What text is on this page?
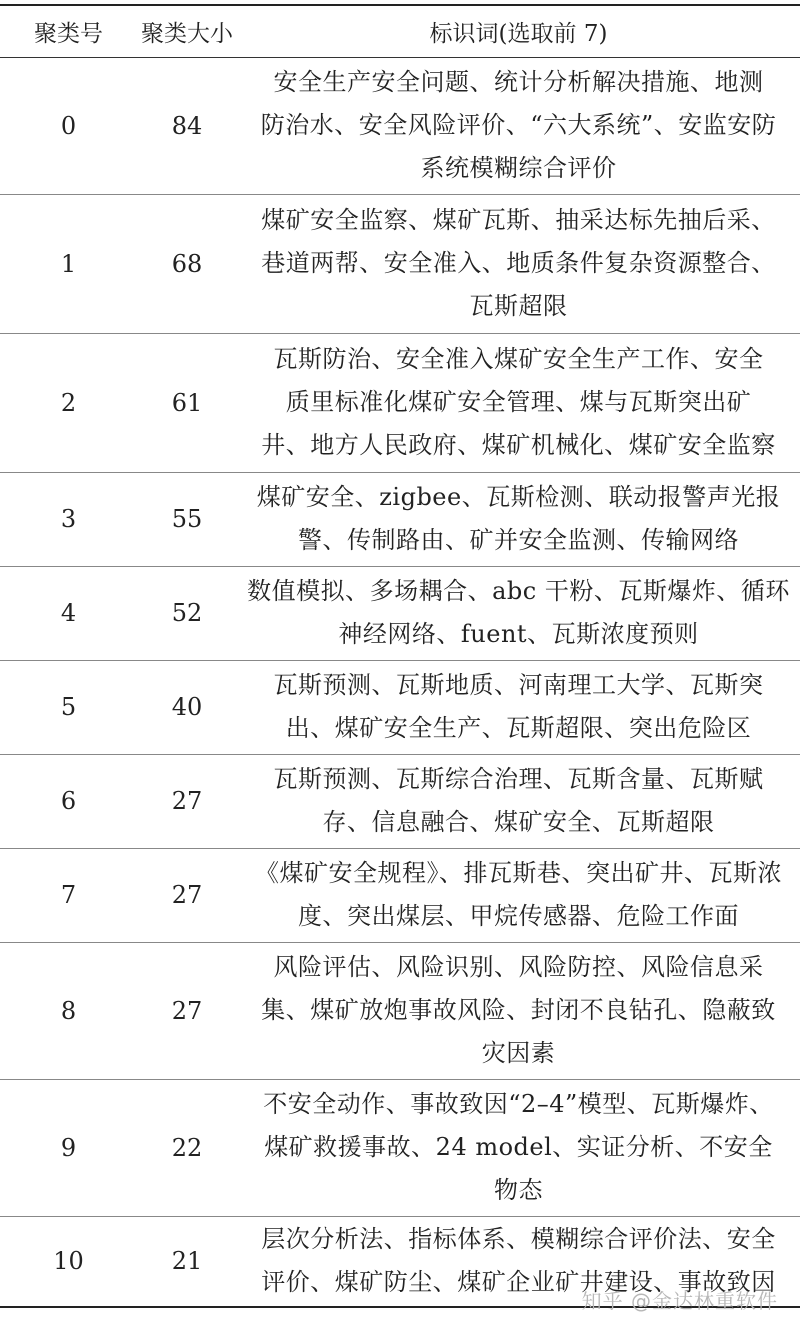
聚类号	聚类大小	标识词(选取前 7)
0	84	安全生产安全问题、统计分析解决措施、地测
防治水、安全风险评价、“六大系统”、安监安防
系统模糊综合评价

1	68	煤矿安全监察、煤矿瓦斯、抽采达标先抽后采、
巷道两帮、安全准入、地质条件复杂资源整合、
瓦斯超限

2	61	瓦斯防治、安全准入煤矿安全生产工作、安全
质里标准化煤矿安全管理、煤与瓦斯突出矿
井、地方人民政府、煤矿机械化、煤矿安全监察

3	55	煤矿安全、zigbee、瓦斯检测、联动报警声光报
警、传制路由、矿并安全监测、传输网络

4	52	数值模拟、多场耦合、abc 干粉、瓦斯爆炸、循环
神经网络、fuent、瓦斯浓度预则

5	40	瓦斯预测、瓦斯地质、河南理工大学、瓦斯突
出、煤矿安全生产、瓦斯超限、突出危险区

6	27	瓦斯预测、瓦斯综合治理、瓦斯含量、瓦斯赋
存、信息融合、煤矿安全、瓦斯超限

7	27	《煤矿安全规程》、排瓦斯巷、突出矿井、瓦斯浓
度、突出煤层、甲烷传感器、危险工作面

8	27	风险评估、风险识别、风险防控、风险信息采
集、煤矿放炮事故风险、封闭不良钻孔、隐蔽致
灾因素

9	22	不安全动作、事故致因“2–4”模型、瓦斯爆炸、
煤矿救援事故、24 model、实证分析、不安全
物态

10	21	层次分析法、指标体系、模糊综合评价法、安全
评价、煤矿防尘、煤矿企业矿井建设、事故致因
知乎 @金达林重软件
